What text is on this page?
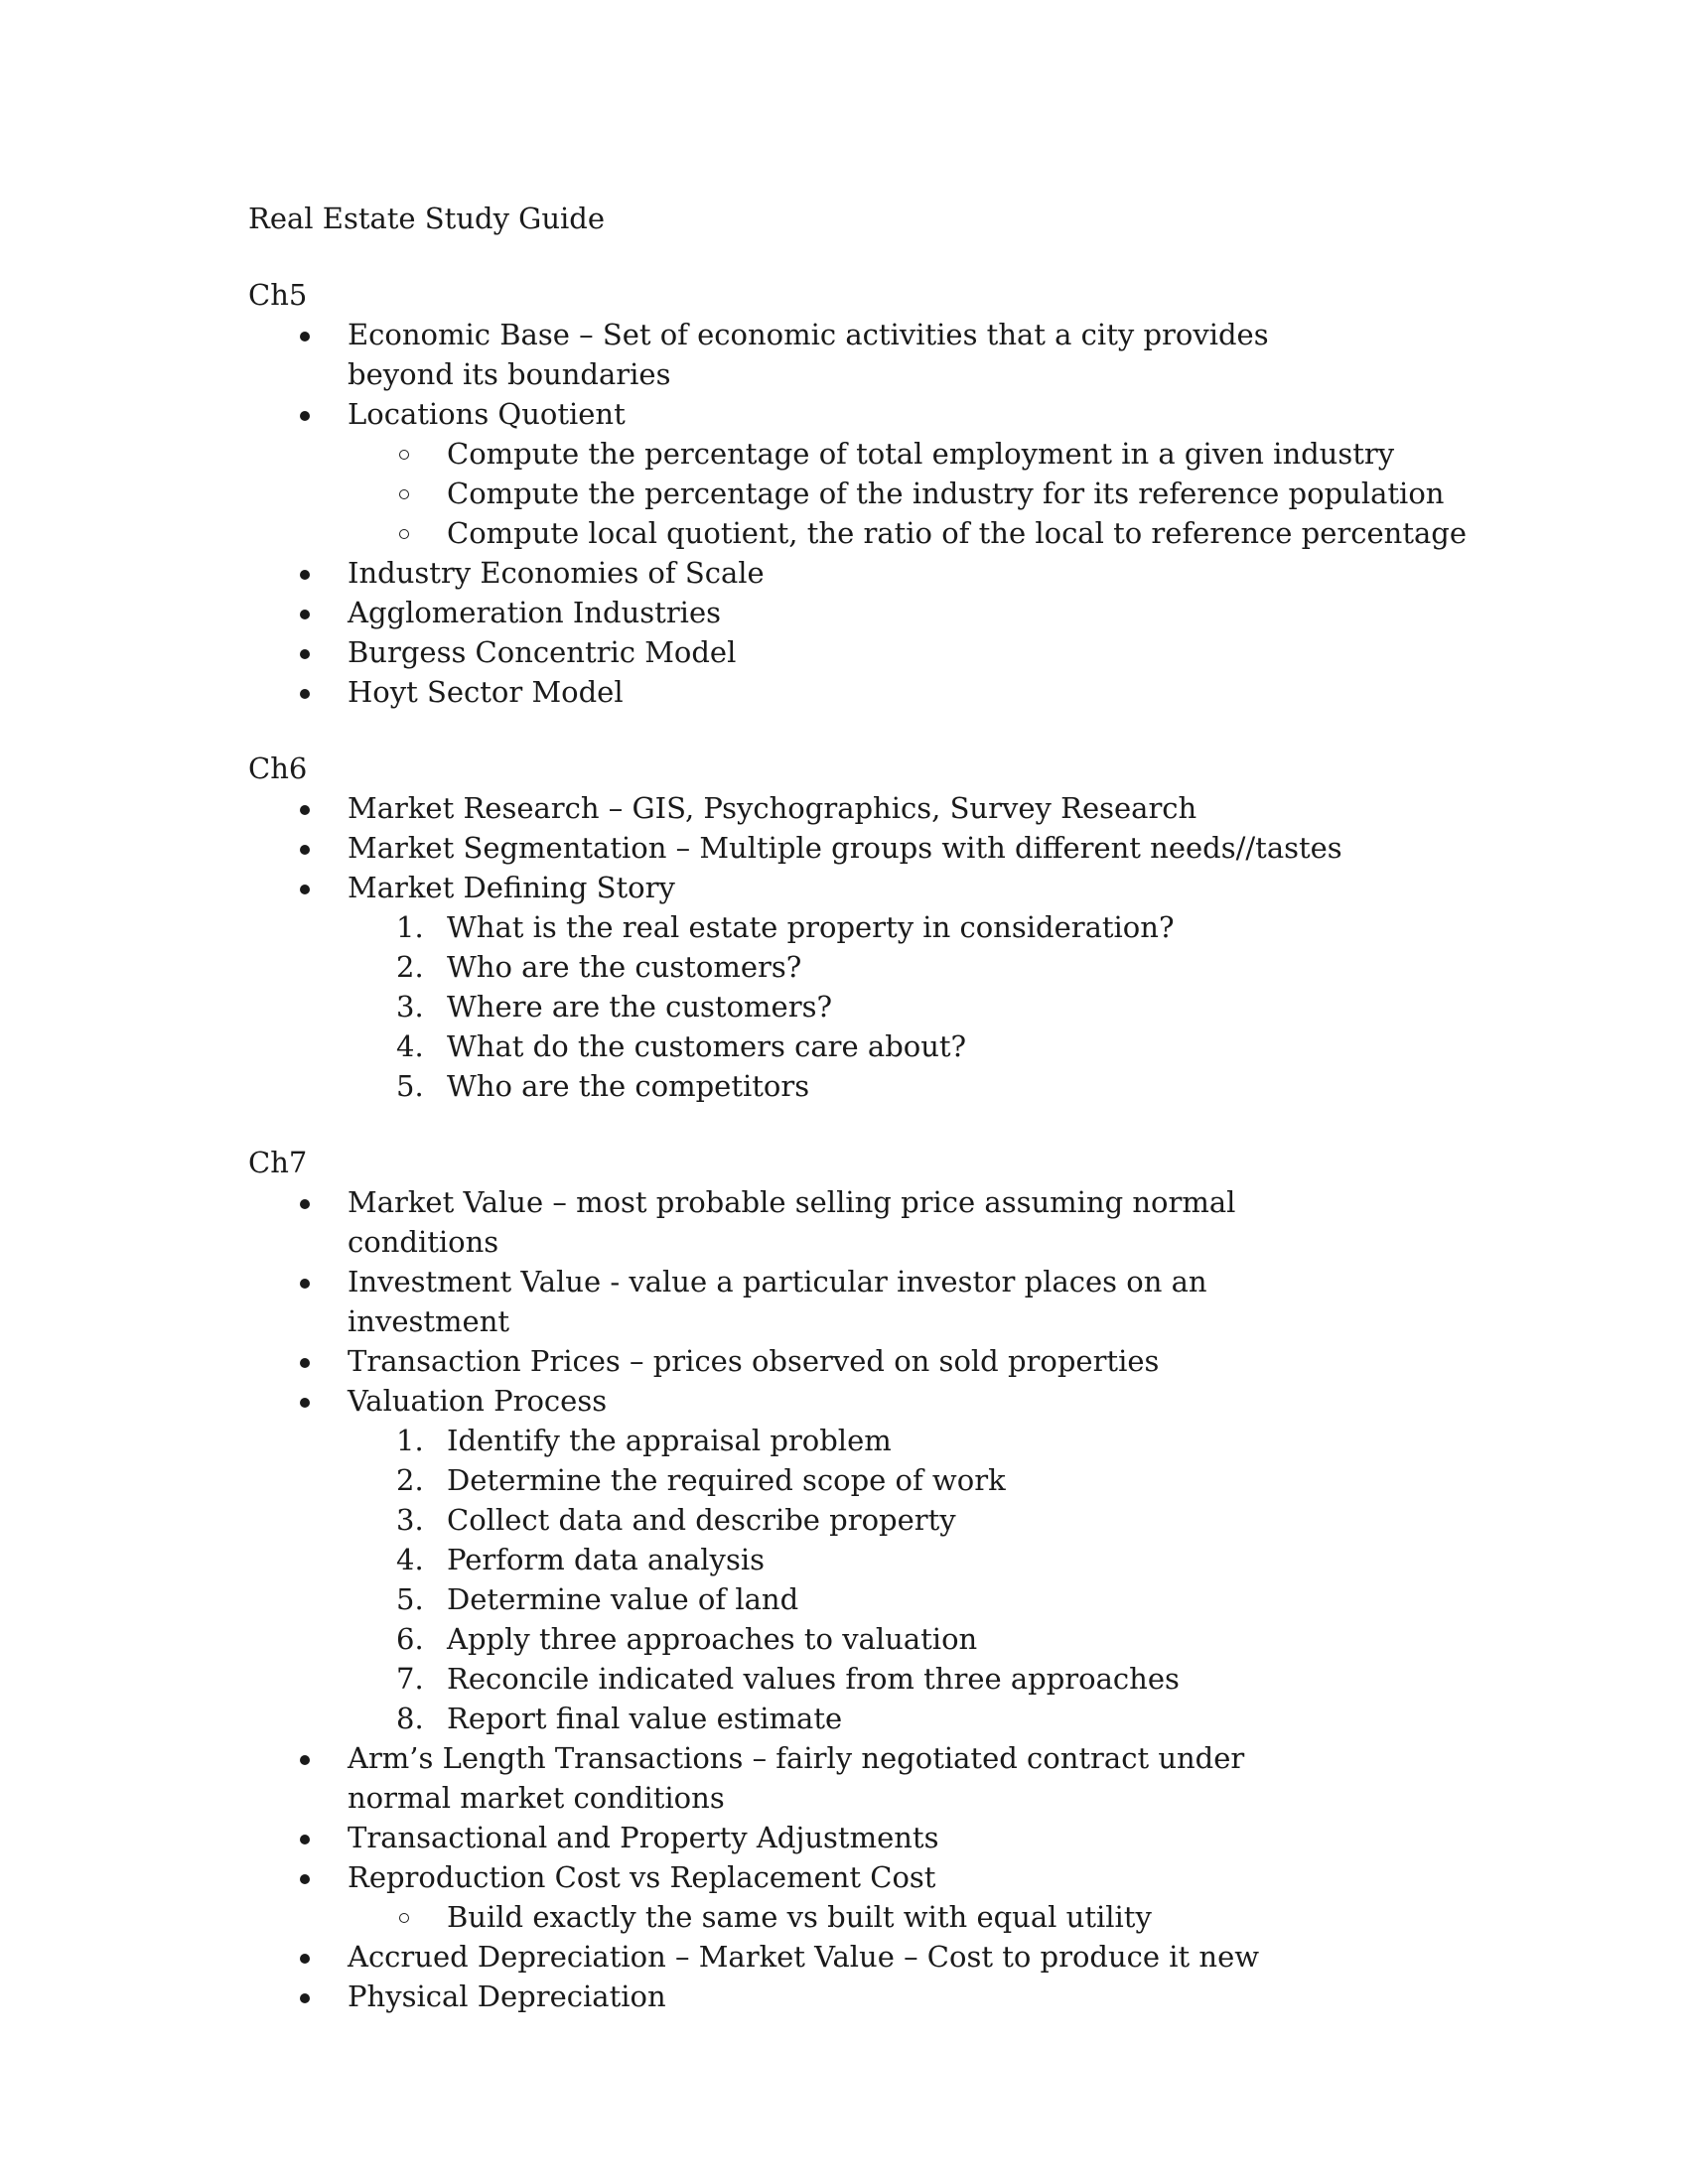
Real Estate Study Guide
Ch5
Economic Base – Set of economic activities that a city provides beyond its boundaries
Locations Quotient
Compute the percentage of total employment in a given industry
Compute the percentage of the industry for its reference population
Compute local quotient, the ratio of the local to reference percentage
Industry Economies of Scale
Agglomeration Industries
Burgess Concentric Model
Hoyt Sector Model
Ch6
Market Research – GIS, Psychographics, Survey Research
Market Segmentation – Multiple groups with different needs//tastes
Market Defining Story
1. What is the real estate property in consideration?
2. Who are the customers?
3. Where are the customers?
4. What do the customers care about?
5. Who are the competitors
Ch7
Market Value – most probable selling price assuming normal conditions
Investment Value - value a particular investor places on an investment
Transaction Prices – prices observed on sold properties
Valuation Process
1. Identify the appraisal problem
2. Determine the required scope of work
3. Collect data and describe property
4. Perform data analysis
5. Determine value of land
6. Apply three approaches to valuation
7. Reconcile indicated values from three approaches
8. Report final value estimate
Arm’s Length Transactions – fairly negotiated contract under normal market conditions
Transactional and Property Adjustments
Reproduction Cost vs Replacement Cost
Build exactly the same vs built with equal utility
Accrued Depreciation – Market Value – Cost to produce it new
Physical Depreciation
